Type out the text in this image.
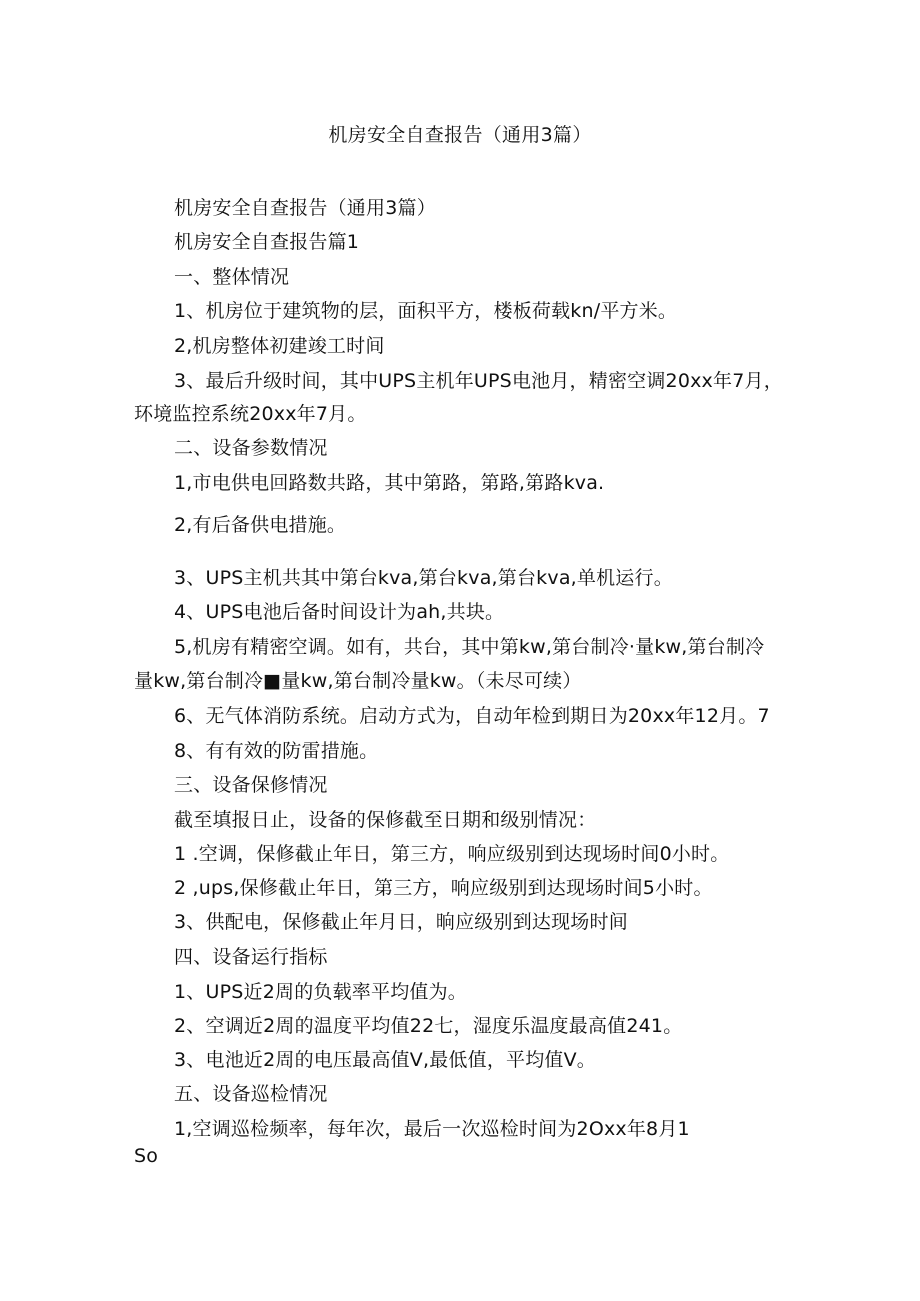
机房安全自查报告（通用3篇）
机房安全自查报告（通用3篇）
机房安全自查报告篇1
一、整体情况
1、机房位于建筑物的层，面积平方，楼板荷载kn∕平方米。
2,机房整体初建竣工时间
3、最后升级时间，其中UPS主机年UPS电池月，精密空调20xx年7月，
环境监控系统20xx年7月。
二、设备参数情况
1,市电供电回路数共路，其中第路，第路,第路kva.
2,有后备供电措施。
3、UPS主机共其中第台kva,第台kva,第台kva,单机运行。
4、UPS电池后备时间设计为ah,共块。
5,机房有精密空调。如有，共台，其中第kw,第台制冷·量kw,第台制冷
量kw,第台制冷■量kw,第台制冷量kw。（未尽可续）
6、无气体消防系统。启动方式为，自动年检到期日为20xx年12月。7
8、有有效的防雷措施。
三、设备保修情况
截至填报日止，设备的保修截至日期和级别情况：
1 .空调，保修截止年日，第三方，响应级别到达现场时间0小时。
2 ,ups,保修截止年日，第三方，响应级别到达现场时间5小时。
3、供配电，保修截止年月日，晌应级别到达现场时间
四、设备运行指标
1、UPS近2周的负载率平均值为。
2、空调近2周的温度平均值22七，湿度乐温度最高值241。
3、电池近2周的电压最高值V,最低值，平均值V。
五、设备巡检情况
1,空调巡检频率，每年次，最后一次巡检时间为2Oxx年8月1
So
